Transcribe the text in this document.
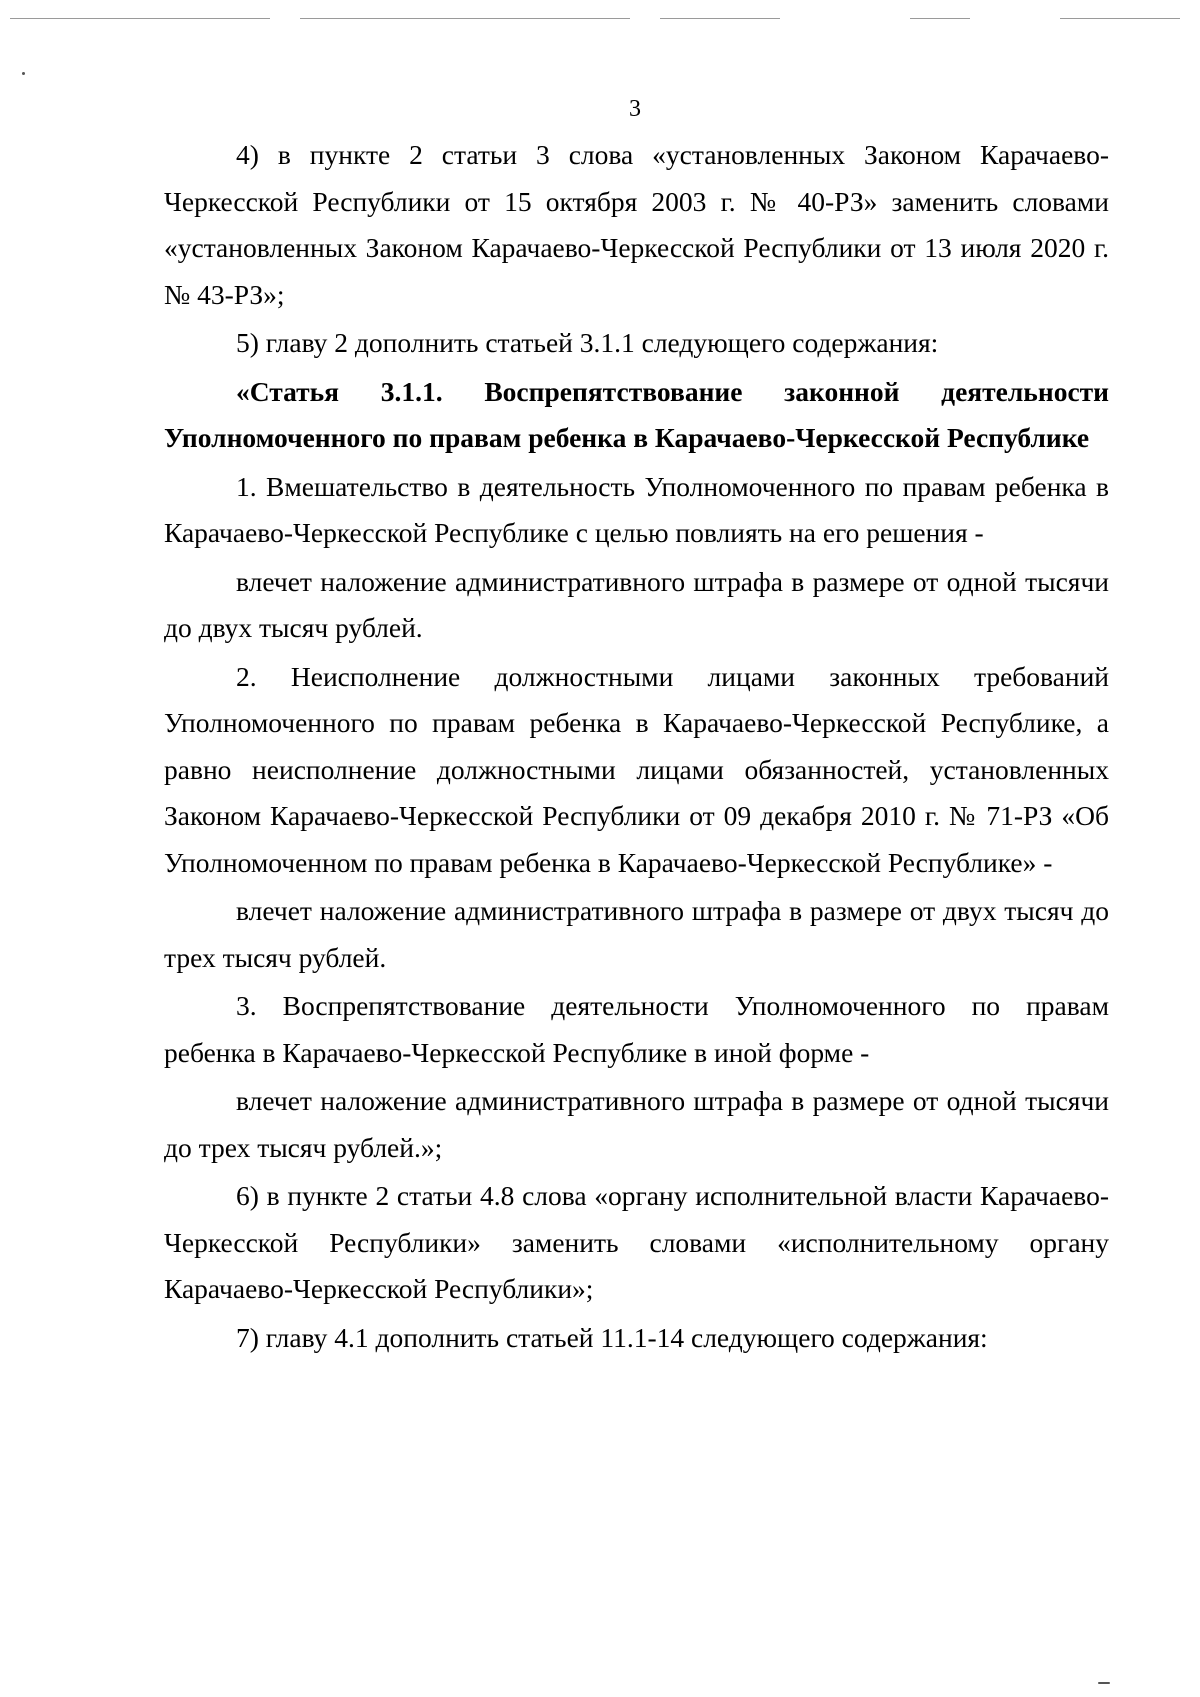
3

4) в пункте 2 статьи 3 слова «установленных Законом Карачаево-Черкесской Республики от 15 октября 2003 г. № 40-РЗ» заменить словами «установленных Законом Карачаево-Черкесской Республики от 13 июля 2020 г. № 43-РЗ»;

5) главу 2 дополнить статьей 3.1.1 следующего содержания:

«Статья 3.1.1. Воспрепятствование законной деятельности Уполномоченного по правам ребенка в Карачаево-Черкесской Республике

1. Вмешательство в деятельность Уполномоченного по правам ребенка в Карачаево-Черкесской Республике с целью повлиять на его решения -

влечет наложение административного штрафа в размере от одной тысячи до двух тысяч рублей.

2. Неисполнение должностными лицами законных требований Уполномоченного по правам ребенка в Карачаево-Черкесской Республике, а равно неисполнение должностными лицами обязанностей, установленных Законом Карачаево-Черкесской Республики от 09 декабря 2010 г. № 71-РЗ «Об Уполномоченном по правам ребенка в Карачаево-Черкесской Республике» -

влечет наложение административного штрафа в размере от двух тысяч до трех тысяч рублей.

3. Воспрепятствование деятельности Уполномоченного по правам ребенка в Карачаево-Черкесской Республике в иной форме -

влечет наложение административного штрафа в размере от одной тысячи до трех тысяч рублей.»;

6) в пункте 2 статьи 4.8 слова «органу исполнительной власти Карачаево-Черкесской Республики» заменить словами «исполнительному органу Карачаево-Черкесской Республики»;

7) главу 4.1 дополнить статьей 11.1-14 следующего содержания:
